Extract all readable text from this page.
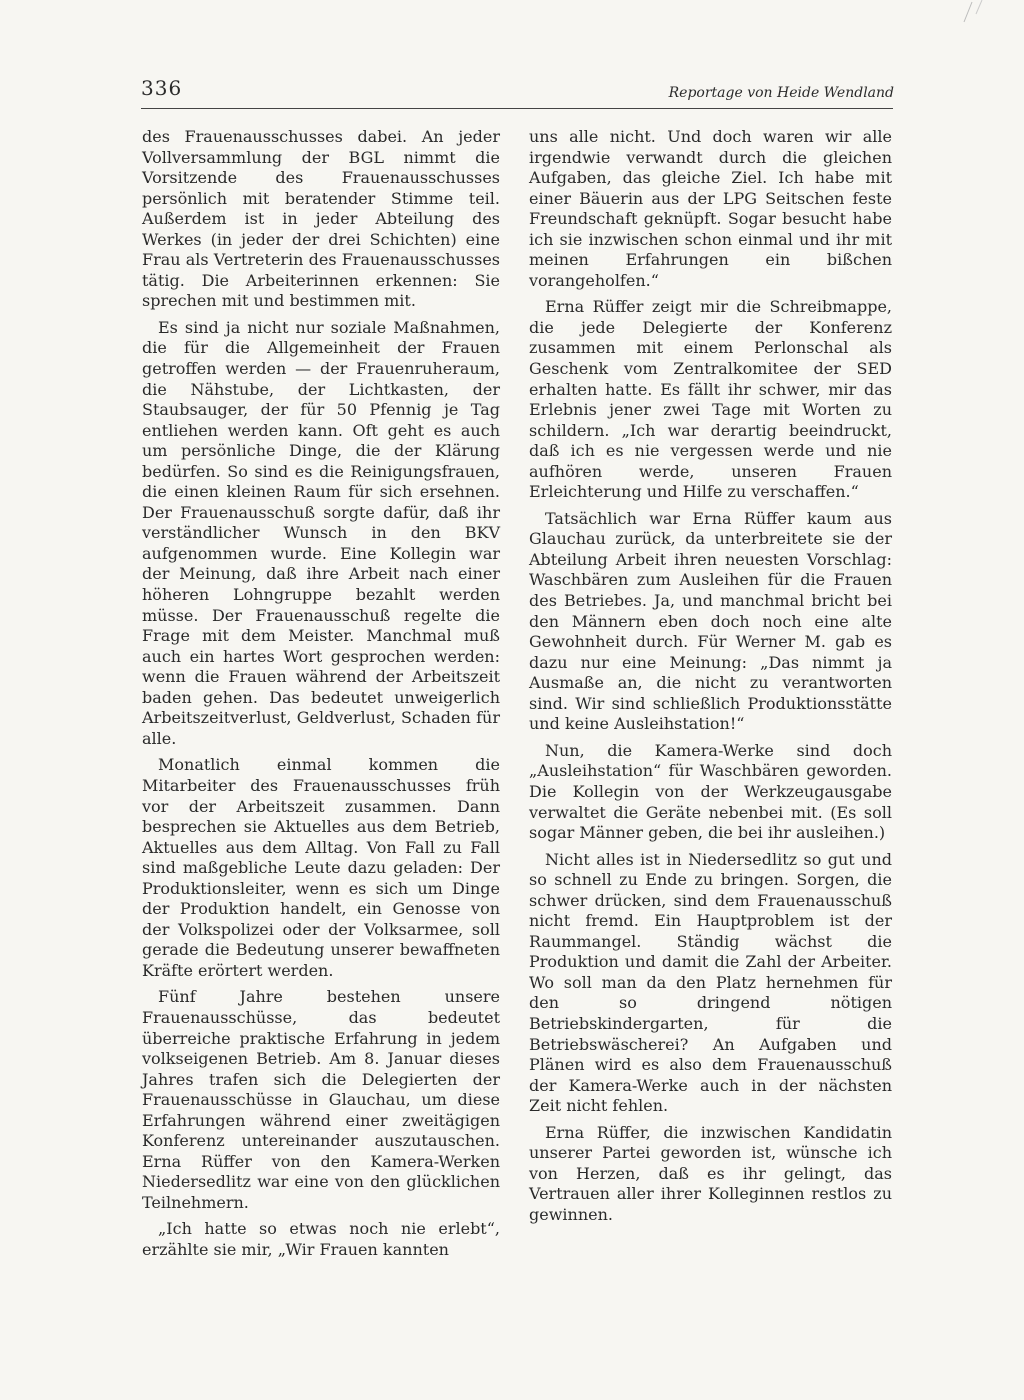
336	Reportage von Heide Wendland

des Frauenausschusses dabei. An jeder Vollversammlung der BGL nimmt die Vorsitzende des Frauenausschusses persönlich mit beratender Stimme teil. Außerdem ist in jeder Abteilung des Werkes (in jeder der drei Schichten) eine Frau als Vertreterin des Frauenausschusses tätig. Die Arbeiterinnen erkennen: Sie sprechen mit und bestimmen mit.

Es sind ja nicht nur soziale Maßnahmen, die für die Allgemeinheit der Frauen getroffen werden — der Frauenruheraum, die Nähstube, der Lichtkasten, der Staubsauger, der für 50 Pfennig je Tag entliehen werden kann. Oft geht es auch um persönliche Dinge, die der Klärung bedürfen. So sind es die Reinigungsfrauen, die einen kleinen Raum für sich ersehnen. Der Frauenausschuß sorgte dafür, daß ihr verständlicher Wunsch in den BKV aufgenommen wurde. Eine Kollegin war der Meinung, daß ihre Arbeit nach einer höheren Lohngruppe bezahlt werden müsse. Der Frauenausschuß regelte die Frage mit dem Meister. Manchmal muß auch ein hartes Wort gesprochen werden: wenn die Frauen während der Arbeitszeit baden gehen. Das bedeutet unweigerlich Arbeitszeitverlust, Geldverlust, Schaden für alle.

Monatlich einmal kommen die Mitarbeiter des Frauenausschusses früh vor der Arbeitszeit zusammen. Dann besprechen sie Aktuelles aus dem Betrieb, Aktuelles aus dem Alltag. Von Fall zu Fall sind maßgebliche Leute dazu geladen: Der Produktionsleiter, wenn es sich um Dinge der Produktion handelt, ein Genosse von der Volkspolizei oder der Volksarmee, soll gerade die Bedeutung unserer bewaffneten Kräfte erörtert werden.

Fünf Jahre bestehen unsere Frauenausschüsse, das bedeutet überreiche praktische Erfahrung in jedem volkseigenen Betrieb. Am 8. Januar dieses Jahres trafen sich die Delegierten der Frauenausschüsse in Glauchau, um diese Erfahrungen während einer zweitägigen Konferenz untereinander auszutauschen. Erna Rüffer von den Kamera-Werken Niedersedlitz war eine von den glücklichen Teilnehmern.

„Ich hatte so etwas noch nie erlebt“, erzählte sie mir, „Wir Frauen kannten

uns alle nicht. Und doch waren wir alle irgendwie verwandt durch die gleichen Aufgaben, das gleiche Ziel. Ich habe mit einer Bäuerin aus der LPG Seitschen feste Freundschaft geknüpft. Sogar besucht habe ich sie inzwischen schon einmal und ihr mit meinen Erfahrungen ein bißchen vorangeholfen.“

Erna Rüffer zeigt mir die Schreibmappe, die jede Delegierte der Konferenz zusammen mit einem Perlonschal als Geschenk vom Zentralkomitee der SED erhalten hatte. Es fällt ihr schwer, mir das Erlebnis jener zwei Tage mit Worten zu schildern. „Ich war derartig beeindruckt, daß ich es nie vergessen werde und nie aufhören werde, unseren Frauen Erleichterung und Hilfe zu verschaffen.“

Tatsächlich war Erna Rüffer kaum aus Glauchau zurück, da unterbreitete sie der Abteilung Arbeit ihren neuesten Vorschlag: Waschbären zum Ausleihen für die Frauen des Betriebes. Ja, und manchmal bricht bei den Männern eben doch noch eine alte Gewohnheit durch. Für Werner M. gab es dazu nur eine Meinung: „Das nimmt ja Ausmaße an, die nicht zu verantworten sind. Wir sind schließlich Produktionsstätte und keine Ausleihstation!“

Nun, die Kamera-Werke sind doch „Ausleihstation“ für Waschbären geworden. Die Kollegin von der Werkzeugausgabe verwaltet die Geräte nebenbei mit. (Es soll sogar Männer geben, die bei ihr ausleihen.)

Nicht alles ist in Niedersedlitz so gut und so schnell zu Ende zu bringen. Sorgen, die schwer drücken, sind dem Frauenausschuß nicht fremd. Ein Hauptproblem ist der Raummangel. Ständig wächst die Produktion und damit die Zahl der Arbeiter. Wo soll man da den Platz hernehmen für den so dringend nötigen Betriebskindergarten, für die Betriebswäscherei? An Aufgaben und Plänen wird es also dem Frauenausschuß der Kamera-Werke auch in der nächsten Zeit nicht fehlen.

Erna Rüffer, die inzwischen Kandidatin unserer Partei geworden ist, wünsche ich von Herzen, daß es ihr gelingt, das Vertrauen aller ihrer Kolleginnen restlos zu gewinnen.
